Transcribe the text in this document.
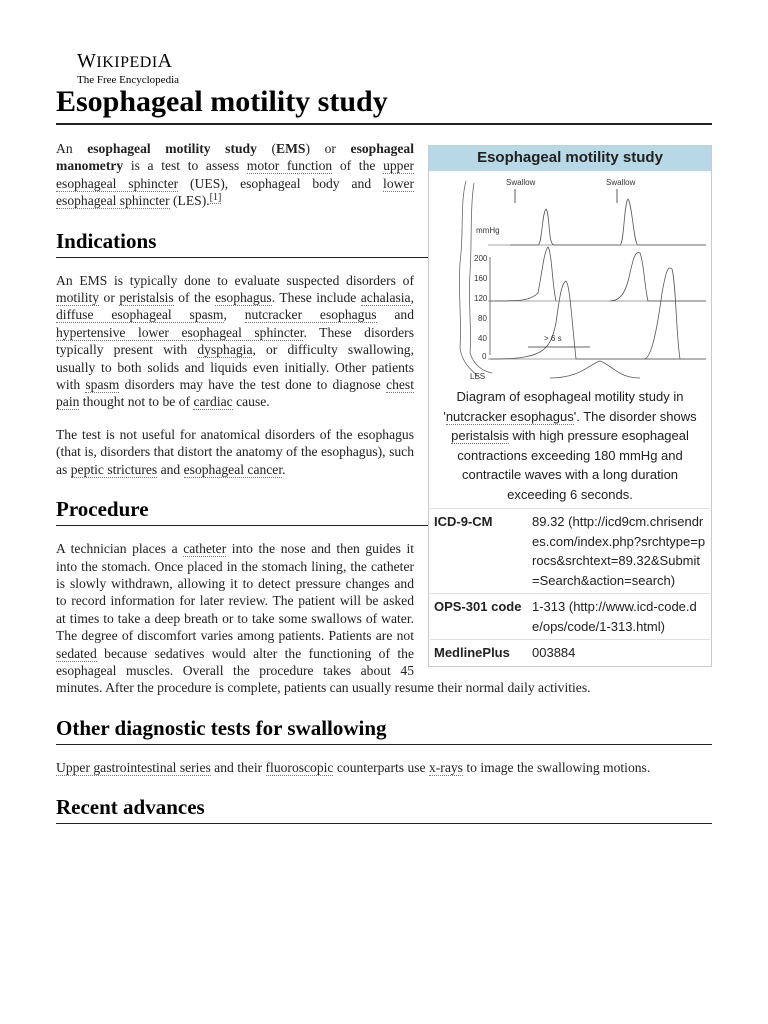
WIKIPEDIA
The Free Encyclopedia
Esophageal motility study
Esophageal motility study
Swallow	Swallow
mmHg
200
160
120
80
40
0
> 6 s
LES
Diagram of esophageal motility study in 'nutcracker esophagus'. The disorder shows peristalsis with high pressure esophageal contractions exceeding 180 mmHg and contractile waves with a long duration exceeding 6 seconds.
ICD-9-CM	89.32 (http://icd9cm.chrisendres.com/index.php?srchtype=procs&srchtext=89.32&Submit=Search&action=search)
OPS-301 code 1-313 (http://www.icd-code.de/ops/code/1-313.html)
MedlinePlus	003884

An esophageal motility study (EMS) or esophageal manometry is a test to assess motor function of the upper esophageal sphincter (UES), esophageal body and lower esophageal sphincter (LES).[1]

Indications

An EMS is typically done to evaluate suspected disorders of motility or peristalsis of the esophagus. These include achalasia, diffuse esophageal spasm, nutcracker esophagus and hypertensive lower esophageal sphincter. These disorders typically present with dysphagia, or difficulty swallowing, usually to both solids and liquids even initially. Other patients with spasm disorders may have the test done to diagnose chest pain thought not to be of cardiac cause.

The test is not useful for anatomical disorders of the esophagus (that is, disorders that distort the anatomy of the esophagus), such as peptic strictures and esophageal cancer.

Procedure

A technician places a catheter into the nose and then guides it into the stomach. Once placed in the stomach lining, the catheter is slowly withdrawn, allowing it to detect pressure changes and to record information for later review. The patient will be asked at times to take a deep breath or to take some swallows of water. The degree of discomfort varies among patients. Patients are not sedated because sedatives would alter the functioning of the esophageal muscles. Overall the procedure takes about 45 minutes. After the procedure is complete, patients can usually resume their normal daily activities.

Other diagnostic tests for swallowing

Upper gastrointestinal series and their fluoroscopic counterparts use x-rays to image the swallowing motions.

Recent advances
